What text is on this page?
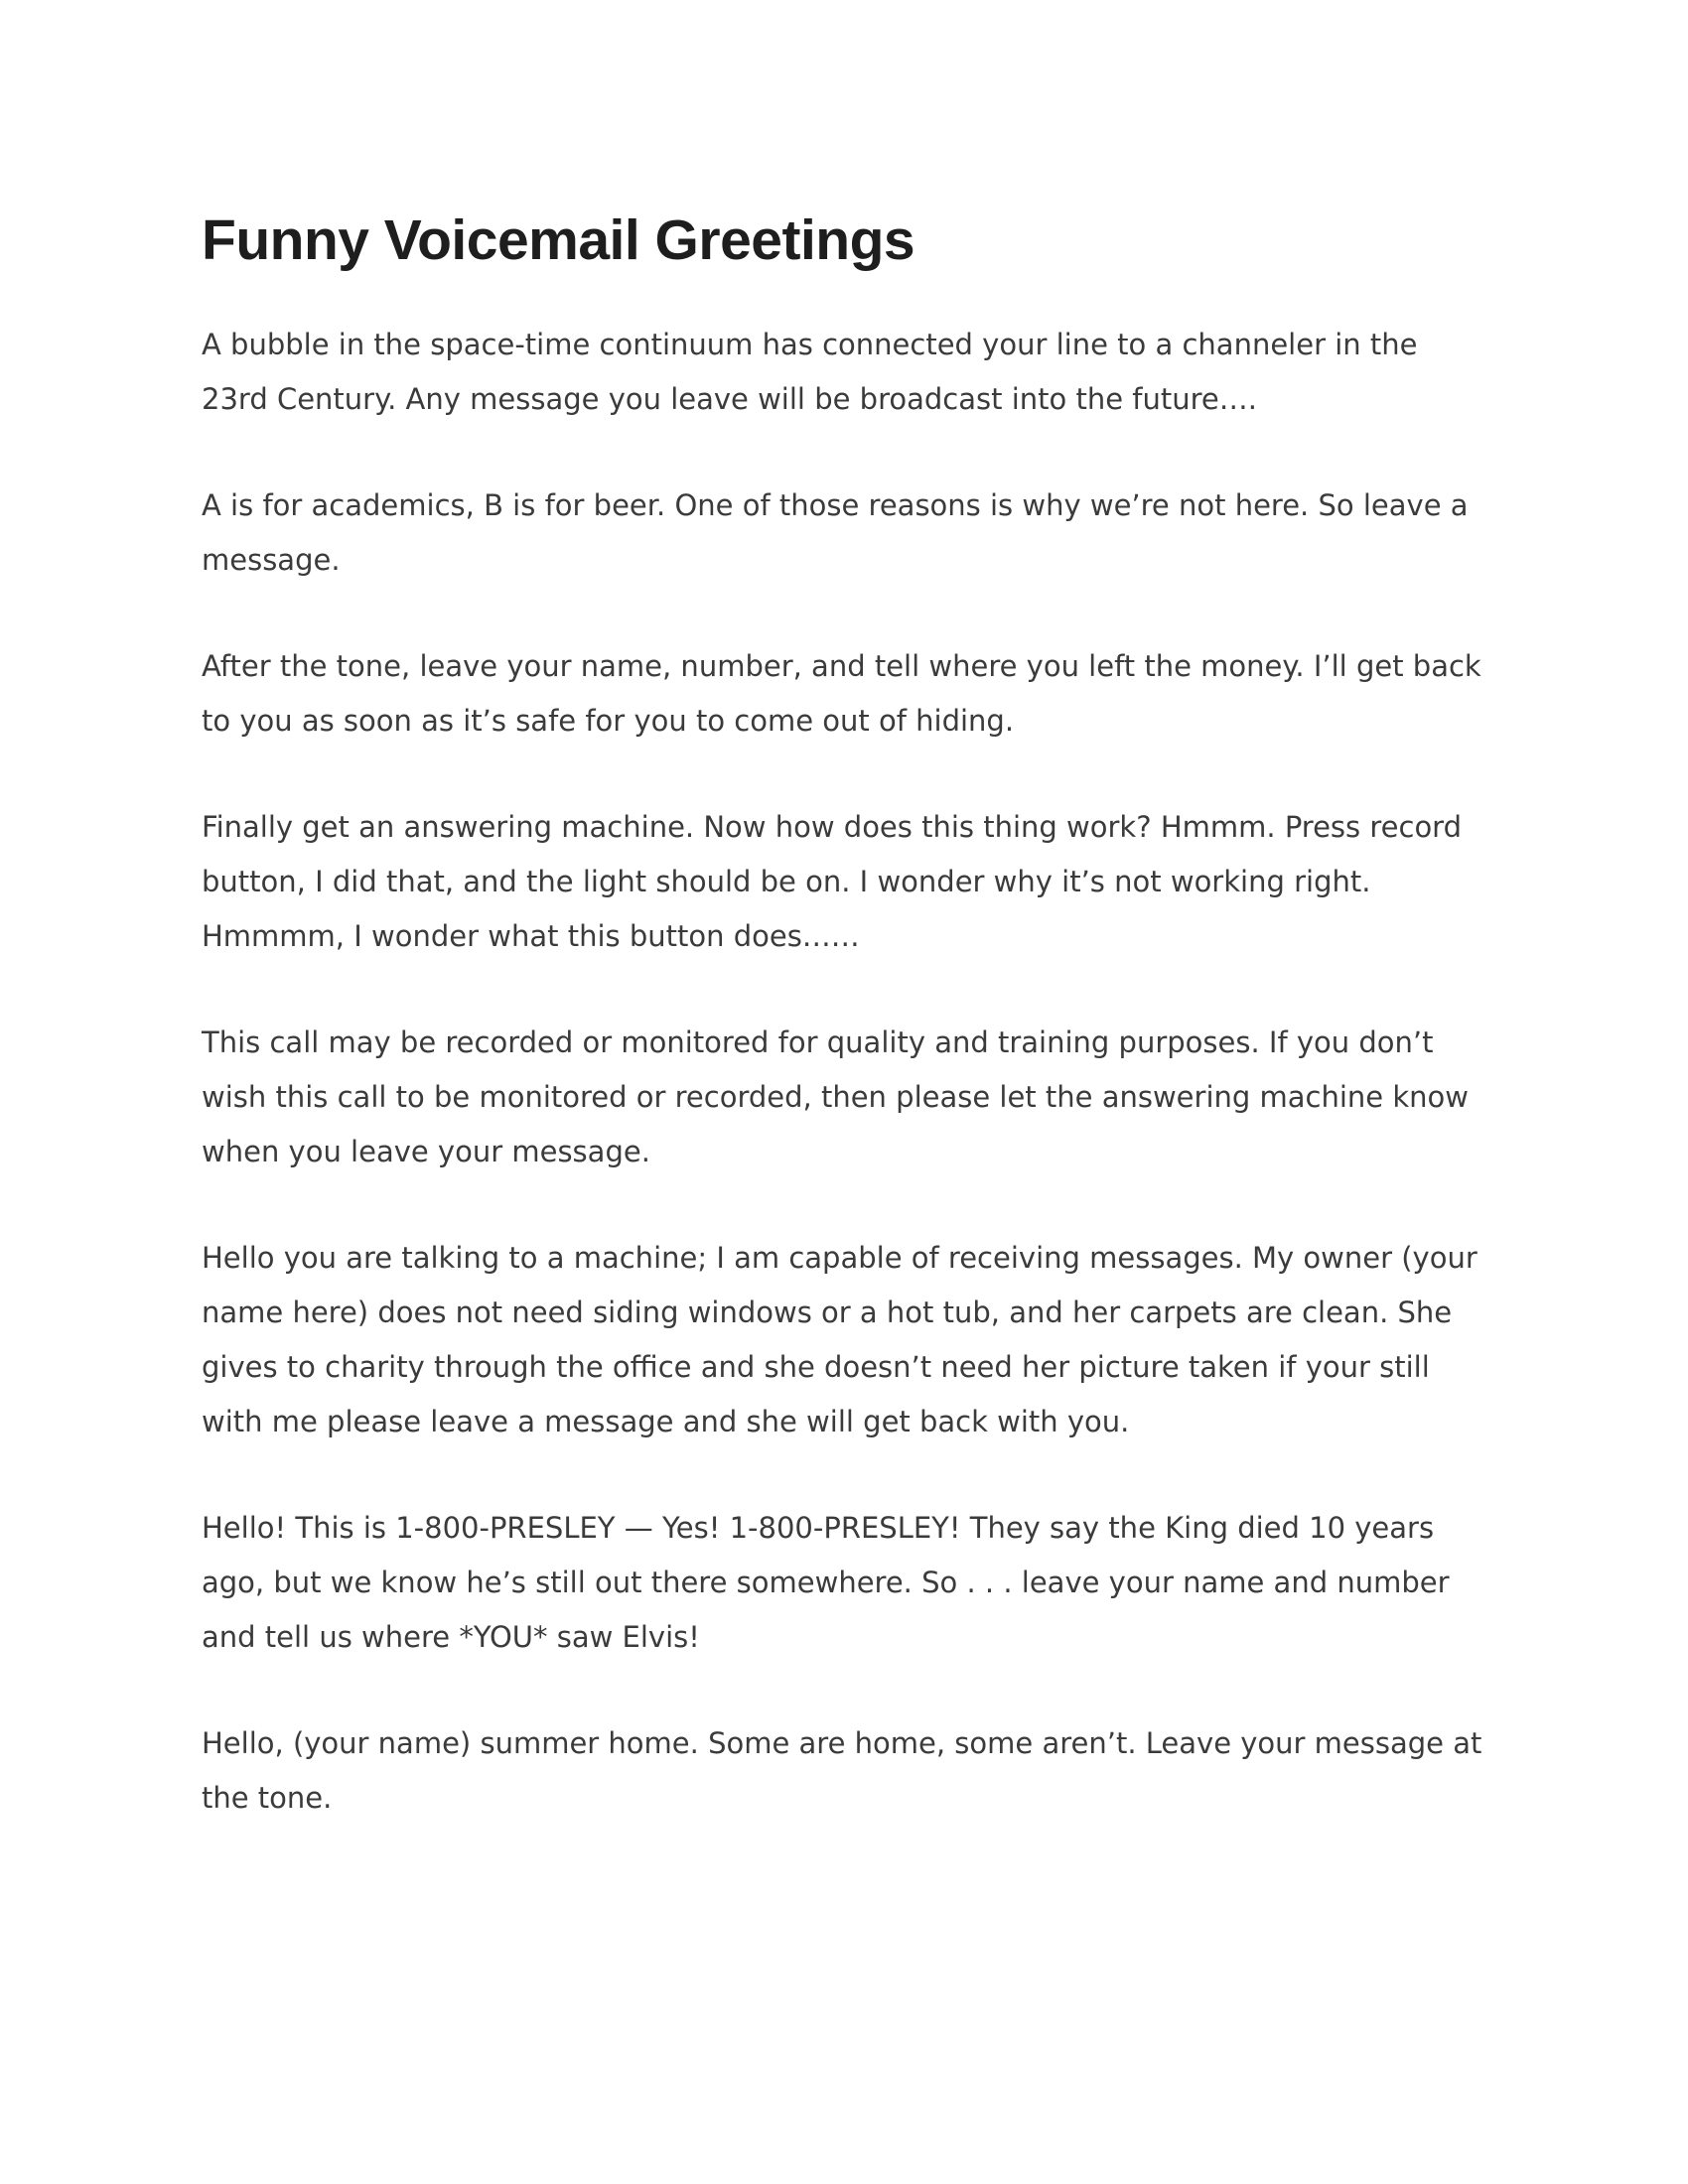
Funny Voicemail Greetings

A bubble in the space-time continuum has connected your line to a channeler in the 23rd Century. Any message you leave will be broadcast into the future….

A is for academics, B is for beer. One of those reasons is why we’re not here. So leave a message.

After the tone, leave your name, number, and tell where you left the money. I’ll get back to you as soon as it’s safe for you to come out of hiding.

Finally get an answering machine. Now how does this thing work? Hmmm. Press record button, I did that, and the light should be on. I wonder why it’s not working right. Hmmmm, I wonder what this button does……

This call may be recorded or monitored for quality and training purposes. If you don’t wish this call to be monitored or recorded, then please let the answering machine know when you leave your message.

Hello you are talking to a machine; I am capable of receiving messages. My owner (your name here) does not need siding windows or a hot tub, and her carpets are clean. She gives to charity through the office and she doesn’t need her picture taken if your still with me please leave a message and she will get back with you.

Hello! This is 1-800-PRESLEY — Yes! 1-800-PRESLEY! They say the King died 10 years ago, but we know he’s still out there somewhere. So . . . leave your name and number and tell us where *YOU* saw Elvis!

Hello, (your name) summer home. Some are home, some aren’t. Leave your message at the tone.
